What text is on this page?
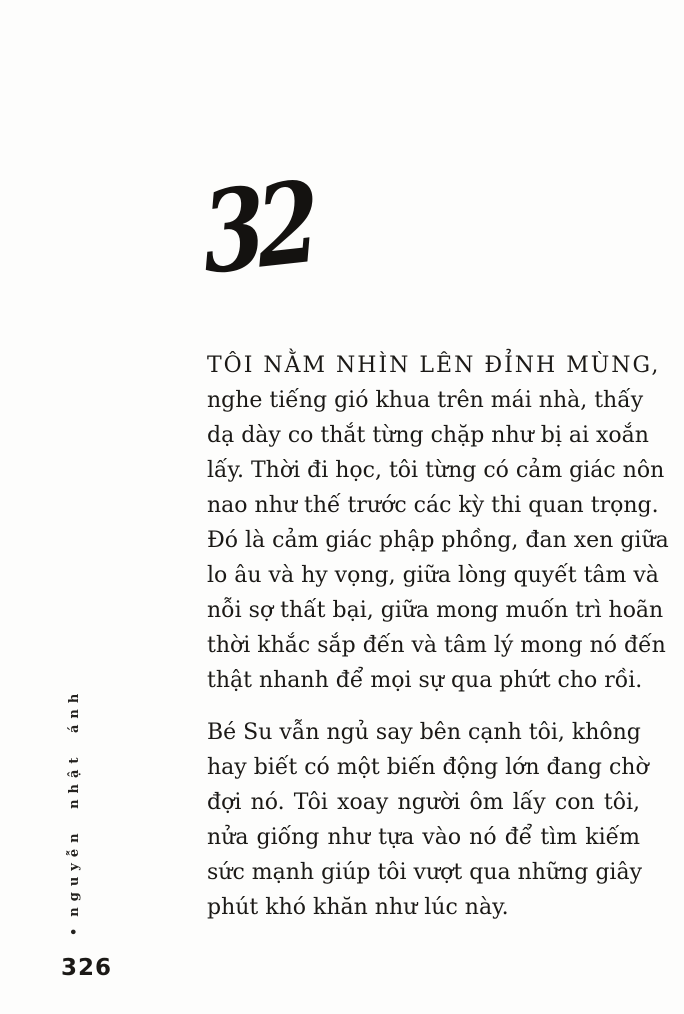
32
TÔI NẰM NHÌN LÊN ĐỈNH MÙNG,
nghe tiếng gió khua trên mái nhà, thấy
dạ dày co thắt từng chặp như bị ai xoắn
lấy. Thời đi học, tôi từng có cảm giác nôn
nao như thế trước các kỳ thi quan trọng.
Đó là cảm giác phập phồng, đan xen giữa
lo âu và hy vọng, giữa lòng quyết tâm và
nỗi sợ thất bại, giữa mong muốn trì hoãn
thời khắc sắp đến và tâm lý mong nó đến
thật nhanh để mọi sự qua phứt cho rồi.
Bé Su vẫn ngủ say bên cạnh tôi, không
hay biết có một biến động lớn đang chờ
đợi nó. Tôi xoay người ôm lấy con tôi,
nửa giống như tựa vào nó để tìm kiếm
sức mạnh giúp tôi vượt qua những giây
phút khó khăn như lúc này.
•nguyễn nhật ánh
326
